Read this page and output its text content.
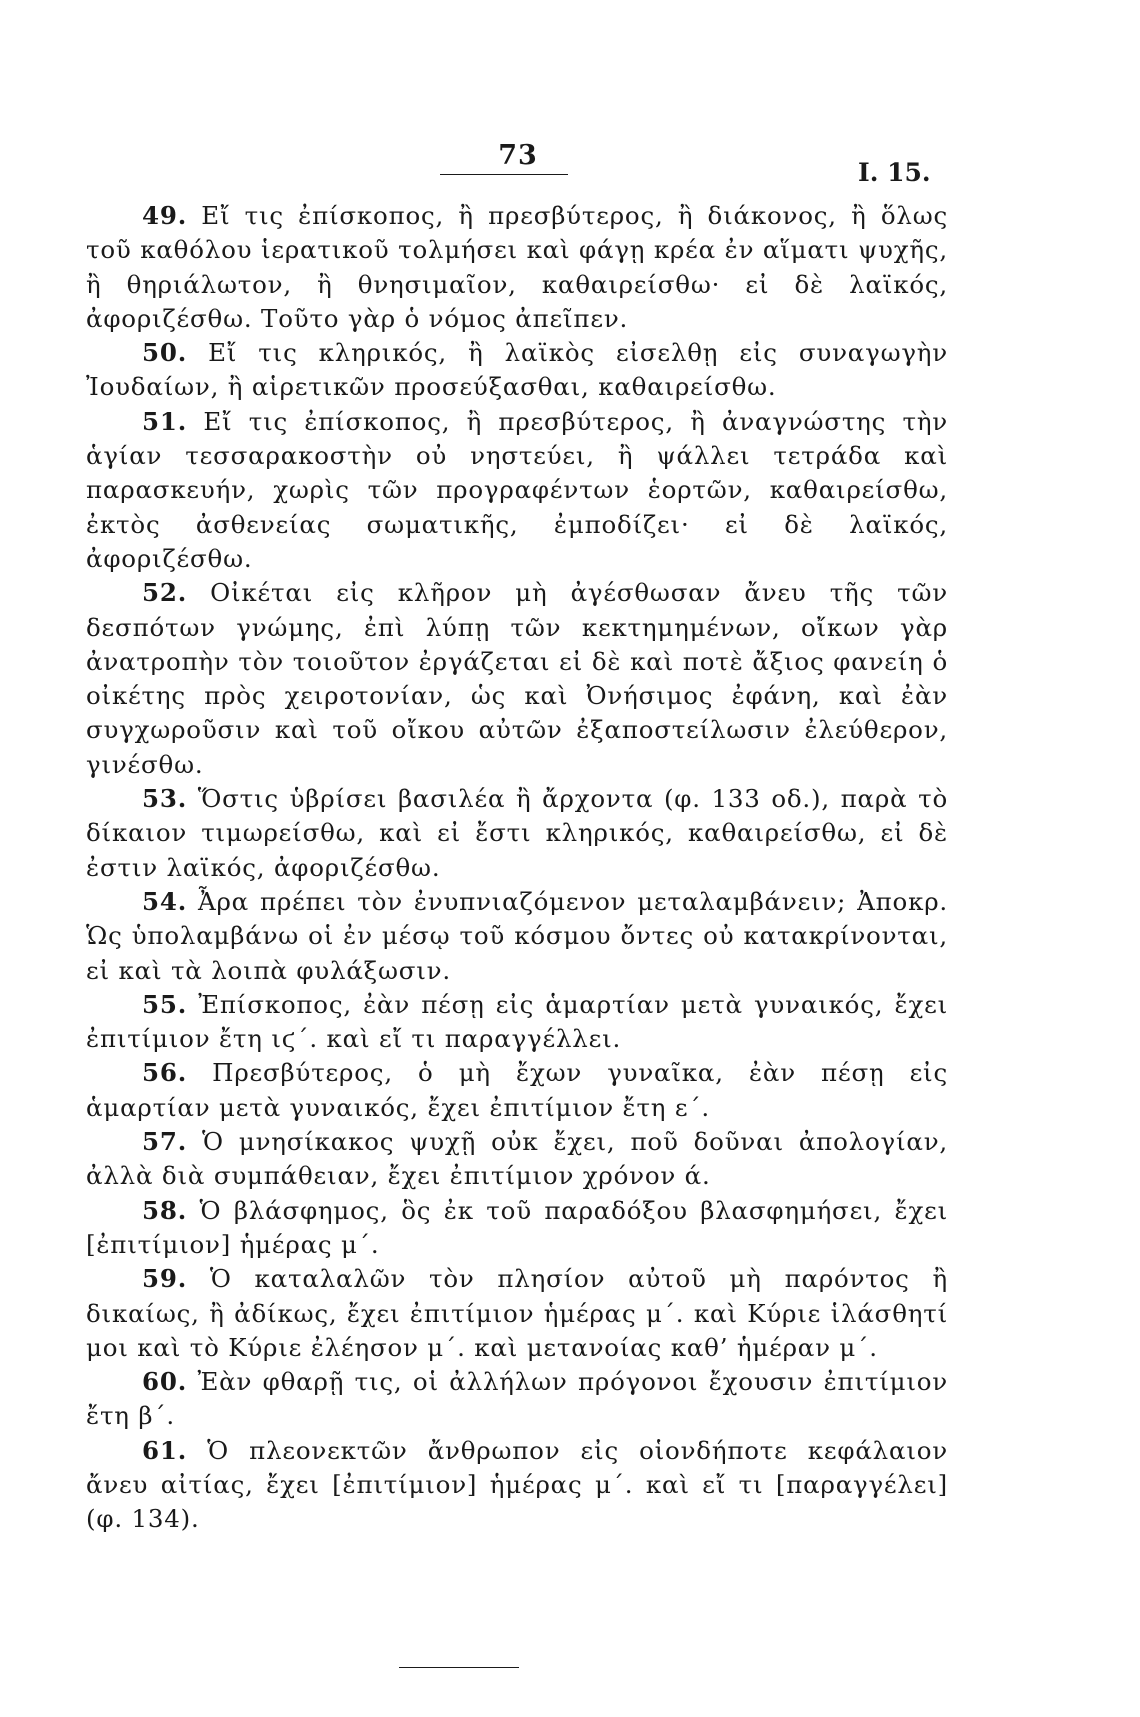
73
I. 15.

49. Εἴ τις ἐπίσκοπος, ἢ πρεσβύτερος, ἢ διάκονος, ἢ ὅλως τοῦ καθόλου ἱερατικοῦ τολμήσει καὶ φάγῃ κρέα ἐν αἵματι ψυχῆς, ἢ θηριάλωτον, ἢ θνησιμαῖον, καθαιρείσθω· εἰ δὲ λαϊκός, ἀφοριζέσθω. Τοῦτο γὰρ ὁ νόμος ἀπεῖπεν.

50. Εἴ τις κληρικός, ἢ λαϊκὸς εἰσελθῃ εἰς συναγωγὴν Ἰουδαίων, ἢ αἱρετικῶν προσεύξασθαι, καθαιρείσθω.

51. Εἴ τις ἐπίσκοπος, ἢ πρεσβύτερος, ἢ ἀναγνώστης τὴν ἁγίαν τεσσαρακοστὴν οὐ νηστεύει, ἢ ψάλλει τετράδα καὶ παρασκευήν, χωρὶς τῶν προγραφέντων ἑορτῶν, καθαιρείσθω, ἐκτὸς ἀσθενείας σωματικῆς, ἐμποδίζει· εἰ δὲ λαϊκός, ἀφοριζέσθω.

52. Οἰκέται εἰς κλῆρον μὴ ἀγέσθωσαν ἄνευ τῆς τῶν δεσπότων γνώμης, ἐπὶ λύπῃ τῶν κεκτημημένων, οἴκων γὰρ ἀνατροπὴν τὸν τοιοῦτον ἐργάζεται εἰ δὲ καὶ ποτὲ ἄξιος φανείη ὁ οἰκέτης πρὸς χειροτονίαν, ὡς καὶ Ὀνήσιμος ἐφάνη, καὶ ἐὰν συγχωροῦσιν καὶ τοῦ οἴκου αὐτῶν ἐξαποστείλωσιν ἐλεύθερον, γινέσθω.

53. Ὅστις ὑβρίσει βασιλέα ἢ ἄρχοντα (φ. 133 οδ.), παρὰ τὸ δίκαιον τιμωρείσθω, καὶ εἰ ἔστι κληρικός, καθαιρείσθω, εἰ δὲ ἐστιν λαϊκός, ἀφοριζέσθω.

54. Ἆρα πρέπει τὸν ἐνυπνιαζόμενον μεταλαμβάνειν; Ἀποκρ. Ὡς ὑπολαμβάνω οἱ ἐν μέσῳ τοῦ κόσμου ὄντες οὐ κατακρίνονται, εἰ καὶ τὰ λοιπὰ φυλάξωσιν.

55. Ἐπίσκοπος, ἐὰν πέσῃ εἰς ἁμαρτίαν μετὰ γυναικός, ἔχει ἐπιτίμιον ἔτη ιϛ΄. καὶ εἴ τι παραγγέλλει.

56. Πρεσβύτερος, ὁ μὴ ἔχων γυναῖκα, ἐὰν πέσῃ εἰς ἁμαρτίαν μετὰ γυναικός, ἔχει ἐπιτίμιον ἔτη ε΄.

57. Ὁ μνησίκακος ψυχῇ οὐκ ἔχει, ποῦ δοῦναι ἀπολογίαν, ἀλλὰ διὰ συμπάθειαν, ἔχει ἐπιτίμιον χρόνον ά.

58. Ὁ βλάσφημος, ὃς ἐκ τοῦ παραδόξου βλασφημήσει, ἔχει [ἐπιτίμιον] ἡμέρας μ΄.

59. Ὁ καταλαλῶν τὸν πλησίον αὐτοῦ μὴ παρόντος ἢ δικαίως, ἢ ἀδίκως, ἔχει ἐπιτίμιον ἡμέρας μ΄. καὶ Κύριε ἱλάσθητί μοι καὶ τὸ Κύριε ἐλέησον μ΄. καὶ μετανοίας καθ’ ἡμέραν μ΄.

60. Ἐὰν φθαρῇ τις, οἱ ἀλλήλων πρόγονοι ἔχουσιν ἐπιτίμιον ἔτη β΄.

61. Ὁ πλεονεκτῶν ἄνθρωπον εἰς οἱονδήποτε κεφάλαιον ἄνευ αἰτίας, ἔχει [ἐπιτίμιον] ἡμέρας μ΄. καὶ εἴ τι [παραγγέλει] (φ. 134).
